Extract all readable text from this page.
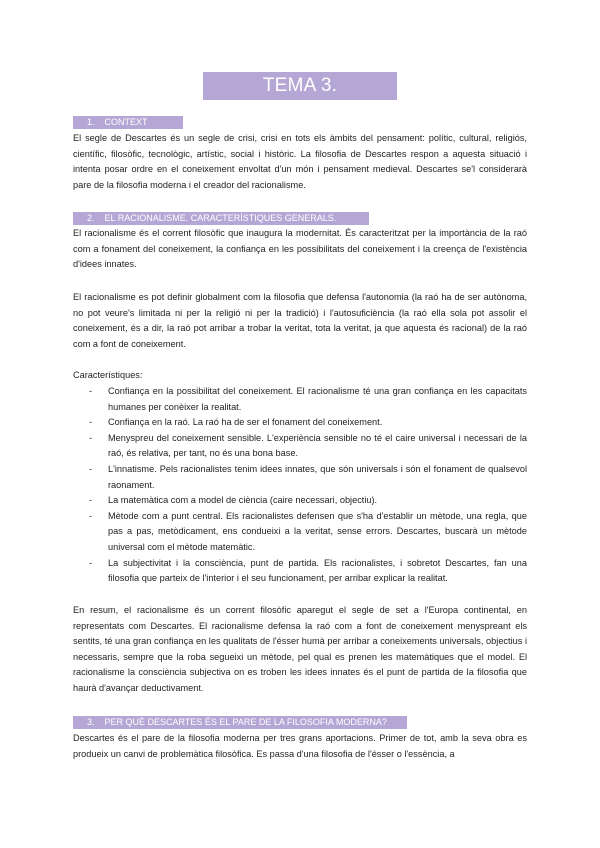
TEMA 3. DESCARTES
1. CONTEXT

El segle de Descartes és un segle de crisi, crisi en tots els àmbits del pensament: polític, cultural, religiós, científic, filosòfic, tecnològic, artístic, social i històric. La filosofia de Descartes respon a aquesta situació i intenta posar ordre en el coneixement envoltat d'un món i pensament medieval. Descartes se'l considerarà pare de la filosofia moderna i el creador del racionalisme.

2. EL RACIONALISME. CARACTERÍSTIQUES GENERALS.

El racionalisme és el corrent filosòfic que inaugura la modernitat. És caracteritzat per la importància de la raó com a fonament del coneixement, la confiança en les possibilitats del coneixement i la creença de l'existència d'idees innates.

El racionalisme es pot definir globalment com la filosofia que defensa l'autonomia (la raó ha de ser autònoma, no pot veure's limitada ni per la religió ni per la tradició) i l'autosuficiència (la raó ella sola pot assolir el coneixement, és a dir, la raó pot arribar a trobar la veritat, tota la veritat, ja que aquesta és racional) de la raó com a font de coneixement.

Característiques:

- Confiança en la possibilitat del coneixement. El racionalisme té una gran confiança en les capacitats humanes per conèixer la realitat.
- Confiança en la raó. La raó ha de ser el fonament del coneixement.
- Menyspreu del coneixement sensible. L'experiència sensible no té el caire universal i necessari de la raó, és relativa, per tant, no és una bona base.
- L'innatisme. Pels racionalistes tenim idees innates, que són universals i són el fonament de qualsevol raonament.
- La matemàtica com a model de ciència (caire necessari, objectiu).
- Mètode com a punt central. Els racionalistes defensen que s'ha d'establir un mètode, una regla, que pas a pas, metòdicament, ens condueixi a la veritat, sense errors. Descartes, buscarà un mètode universal com el mètode matemàtic.
- La subjectivitat i la consciència, punt de partida. Els racionalistes, i sobretot Descartes, fan una filosofia que parteix de l'interior i el seu funcionament, per arribar explicar la realitat.

En resum, el racionalisme és un corrent filosòfic aparegut el segle de set a l'Europa continental, en representats com Descartes. El racionalisme defensa la raó com a font de coneixement menyspreant els sentits, té una gran confiança en les qualitats de l'ésser humà per arribar a coneixements universals, objectius i necessaris, sempre que la roba segueixi un mètode, pel qual es prenen les matemàtiques que el model. El racionalisme la consciència subjectiva on es troben les idees innates és el punt de partida de la filosofia que haurà d'avançar deductivament.

3. PER QUÈ DESCARTES ÉS EL PARE DE LA FILOSOFIA MODERNA?

Descartes és el pare de la filosofia moderna per tres grans aportacions. Primer de tot, amb la seva obra es produeix un canvi de problemàtica filosòfica. Es passa d'una filosofia de l'ésser o l'essència, a
